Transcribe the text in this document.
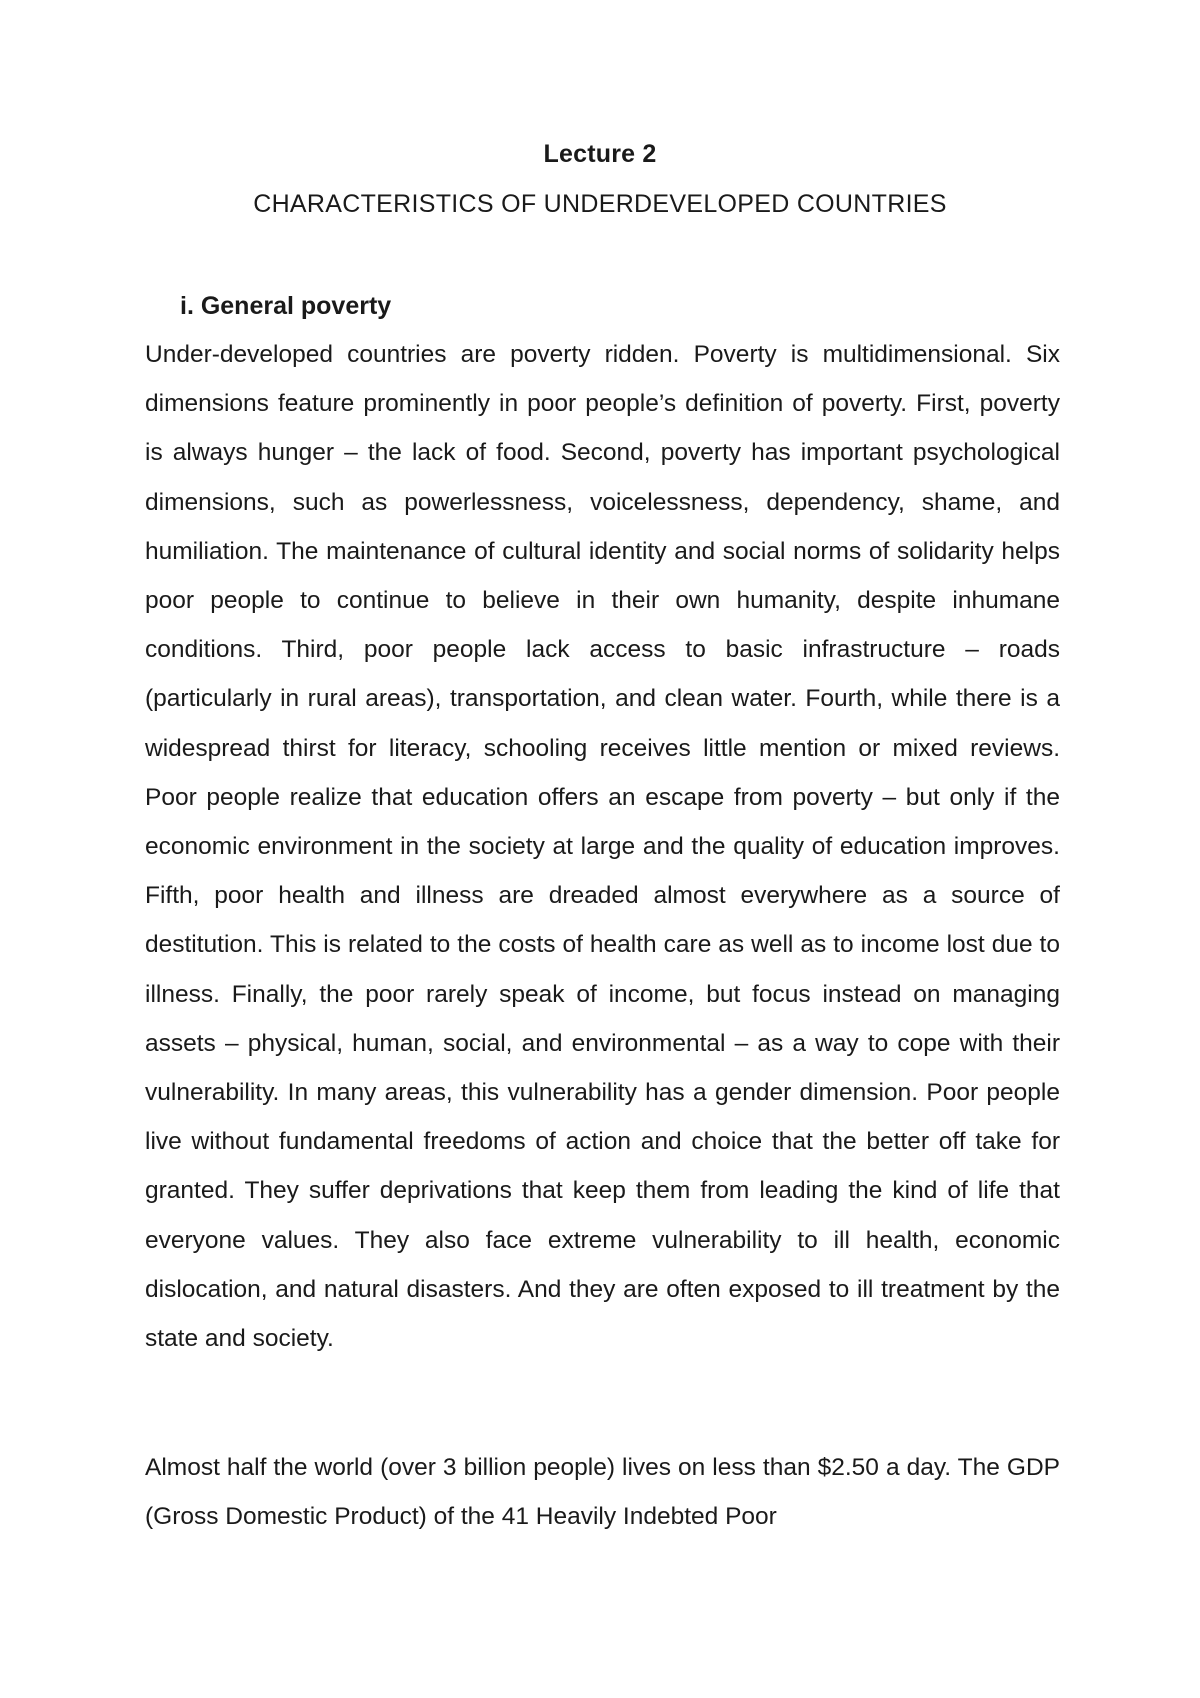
Lecture 2
CHARACTERISTICS OF UNDERDEVELOPED COUNTRIES
i. General poverty

Under-developed countries are poverty ridden. Poverty is multidimensional. Six dimensions feature prominently in poor people’s definition of poverty. First, poverty is always hunger – the lack of food. Second, poverty has important psychological dimensions, such as powerlessness, voicelessness, dependency, shame, and humiliation. The maintenance of cultural identity and social norms of solidarity helps poor people to continue to believe in their own humanity, despite inhumane conditions. Third, poor people lack access to basic infrastructure – roads (particularly in rural areas), transportation, and clean water. Fourth, while there is a widespread thirst for literacy, schooling receives little mention or mixed reviews. Poor people realize that education offers an escape from poverty – but only if the economic environment in the society at large and the quality of education improves. Fifth, poor health and illness are dreaded almost everywhere as a source of destitution. This is related to the costs of health care as well as to income lost due to illness. Finally, the poor rarely speak of income, but focus instead on managing assets – physical, human, social, and environmental – as a way to cope with their vulnerability. In many areas, this vulnerability has a gender dimension. Poor people live without fundamental freedoms of action and choice that the better off take for granted. They suffer deprivations that keep them from leading the kind of life that everyone values. They also face extreme vulnerability to ill health, economic dislocation, and natural disasters. And they are often exposed to ill treatment by the state and society.

Almost half the world (over 3 billion people) lives on less than $2.50 a day. The GDP (Gross Domestic Product) of the 41 Heavily Indebted Poor
